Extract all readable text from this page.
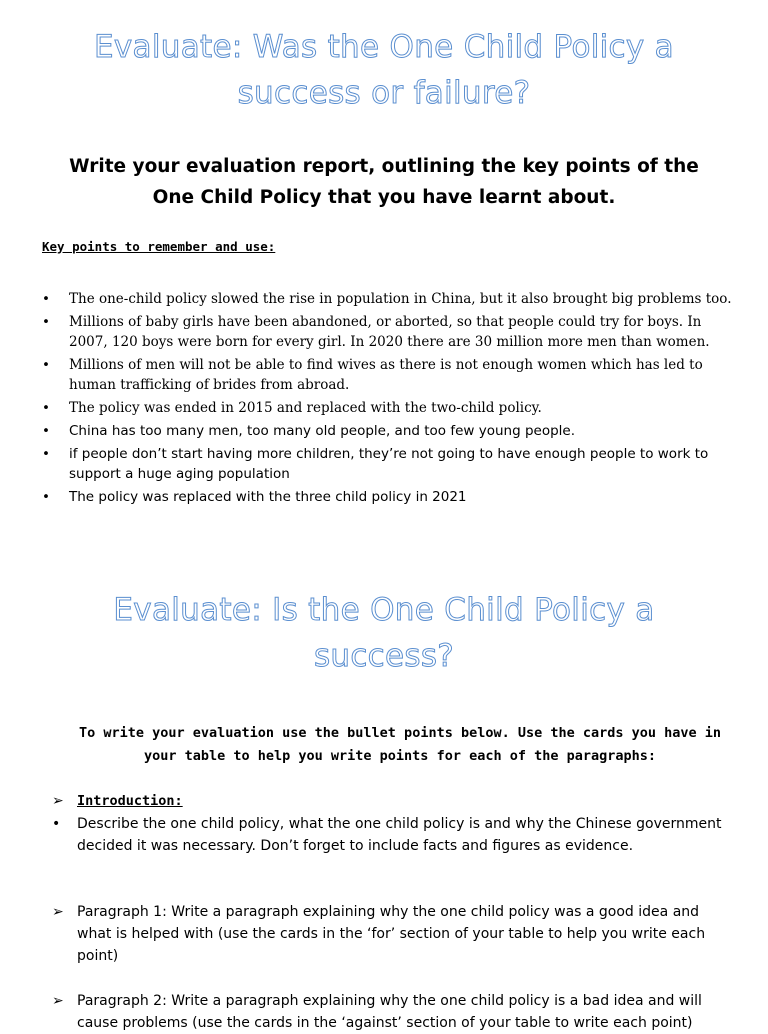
Evaluate: Was the One Child Policy a
success or failure?
Write your evaluation report, outlining the key points of the
One Child Policy that you have learnt about.
Key points to remember and use:
• The one-child policy slowed the rise in population in China, but it also brought big problems too.
• Millions of baby girls have been abandoned, or aborted, so that people could try for boys. In 2007, 120 boys were born for every girl. In 2020 there are 30 million more men than women.
• Millions of men will not be able to find wives as there is not enough women which has led to human trafficking of brides from abroad.
• The policy was ended in 2015 and replaced with the two-child policy.
• China has too many men, too many old people, and too few young people.
• if people don’t start having more children, they’re not going to have enough people to work to support a huge aging population
• The policy was replaced with the three child policy in 2021
Evaluate: Is the One Child Policy a
success?
To write your evaluation use the bullet points below. Use the cards you have in your table to help you write points for each of the paragraphs:
➢ Introduction:
• Describe the one child policy, what the one child policy is and why the Chinese government decided it was necessary. Don’t forget to include facts and figures as evidence.
➢ Paragraph 1: Write a paragraph explaining why the one child policy was a good idea and what is helped with (use the cards in the ‘for’ section of your table to help you write each point)
➢ Paragraph 2: Write a paragraph explaining why the one child policy is a bad idea and will cause problems (use the cards in the ‘against’ section of your table to write each point)
